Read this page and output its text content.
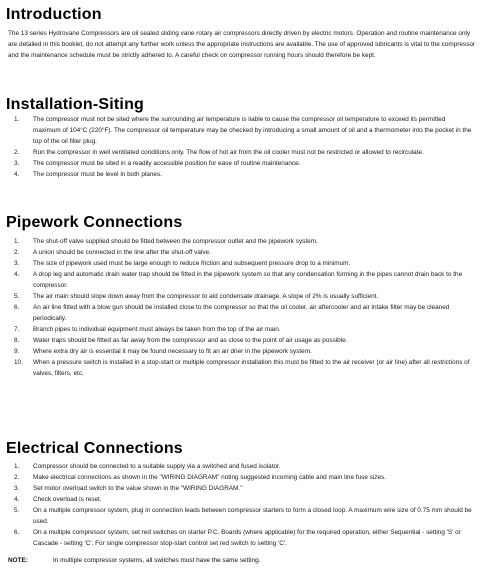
Introduction

The 13 series Hydrovane Compressors are oil sealed sliding vane rotary air compressors directly driven by electric motors. Operation and routine maintenance only are detailed in this booklet, do not attempt any further work unless the appropriate instructions are available. The use of approved lubricants is vital to the compressor and the maintenance schedule must be strictly adhered to. A careful check on compressor running hours should therefore be kept.

Installation-Siting
1.	The compressor must not be sited where the surrounding air temperature is liable to cause the compressor oil temperature to exceed its permitted maximum of 104°C (220°F). The compressor oil temperature may be checked by introducing a small amount of oil and a thermometer into the pocket in the top of the oil filler plug.
2.	Run the compressor in well ventilated conditions only. The flow of hot air from the oil cooler must not be restricted or allowed to recirculate.
3.	The compressor must be sited in a readily accessible position for ease of routine maintenance.
4.	The compressor must be level in both planes.
Pipework Connections
1.	The shut-off valve supplied should be fitted between the compressor outlet and the pipework system.
2.	A union should be connected in the line after the shut-off valve.
3.	The size of pipework used must be large enough to reduce friction and subsequent pressure drop to a minimum.
4.	A drop leg and automatic drain water trap should be fitted in the pipework system so that any condensation forming in the pipes cannot drain back to the compressor.
5.	The air main should slope down away from the compressor to aid condensate drainage. A slope of 2% is usually sufficient.
6.	An air line fitted with a blow gun should be installed close to the compressor so that the oil cooler, air aftercooler and air intake filter may be cleaned periodically.
7.	Branch pipes to individual equipment must always be taken from the top of the air main.
8.	Water traps should be fitted as far away from the compressor and as close to the point of air usage as possible.
9.	Where extra dry air is essential it may be found necessary to fit an air drier in the pipework system.
10.	When a pressure switch is installed in a stop-start or multiple compressor installation this must be fitted to the air receiver (or air line) after all restrictions of valves, filters, etc.
Electrical Connections
1.	Compressor should be connected to a suitable supply via a switched and fused isolator.
2.	Make electrical connections as shown in the "WIRING DIAGRAM" noting suggested incoming cable and main line fuse sizes.
3.	Set motor overload switch to the value shown in the "WIRING DIAGRAM."
4.	Check overload is reset.
5.	On a multiple compressor system, plug in connection leads between compressor starters to form a closed loop. A maximum wire size of 0.75 mm should be used.
6.	On a multiple compressor system, set red switches on starter P.C. Boards (where applicable) for the required operation, either Sequential - setting 'S' or Cascade - setting 'C'. For single compressor stop-start control set red switch to setting 'C'.
NOTE:	In multiple compressor systems, all switches must have the same setting.
